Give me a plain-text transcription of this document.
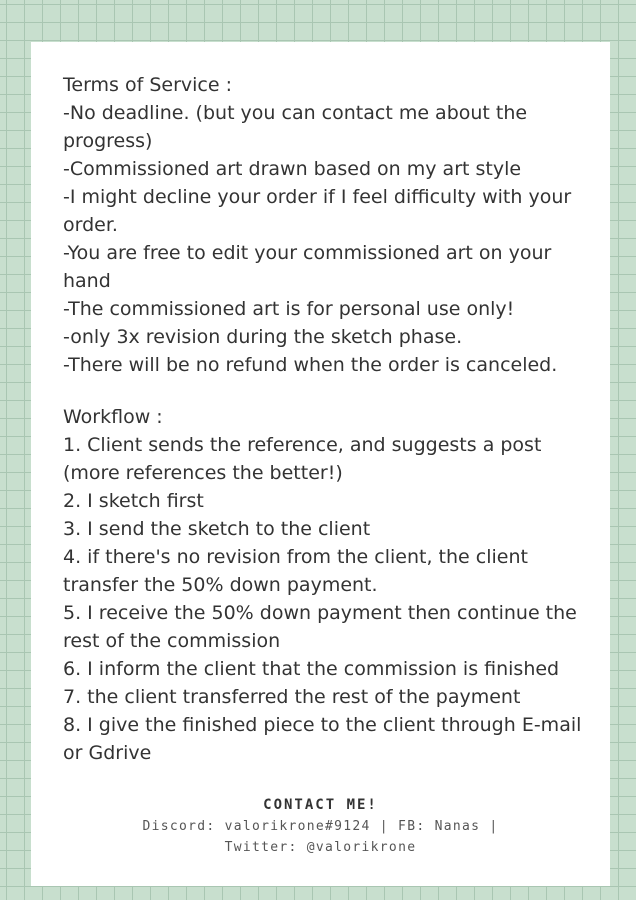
Terms of Service :

-No deadline. (but you can contact me about the progress)

-Commissioned art drawn based on my art style

-I might decline your order if I feel difficulty with your order.

-You are free to edit your commissioned art on your hand

-The commissioned art is for personal use only!

-only 3x revision during the sketch phase.

-There will be no refund when the order is canceled.

Workflow :

1. Client sends the reference, and suggests a post (more references the better!)

2. I sketch first

3. I send the sketch to the client

4. if there's no revision from the client, the client transfer the 50% down payment.

5. I receive the 50% down payment then continue the rest of the commission

6. I inform the client that the commission is finished

7. the client transferred the rest of the payment

8. I give the finished piece to the client through E-mail or Gdrive

CONTACT ME!
Discord: valorikrone#9124 | FB: Nanas | Twitter: @valorikrone
